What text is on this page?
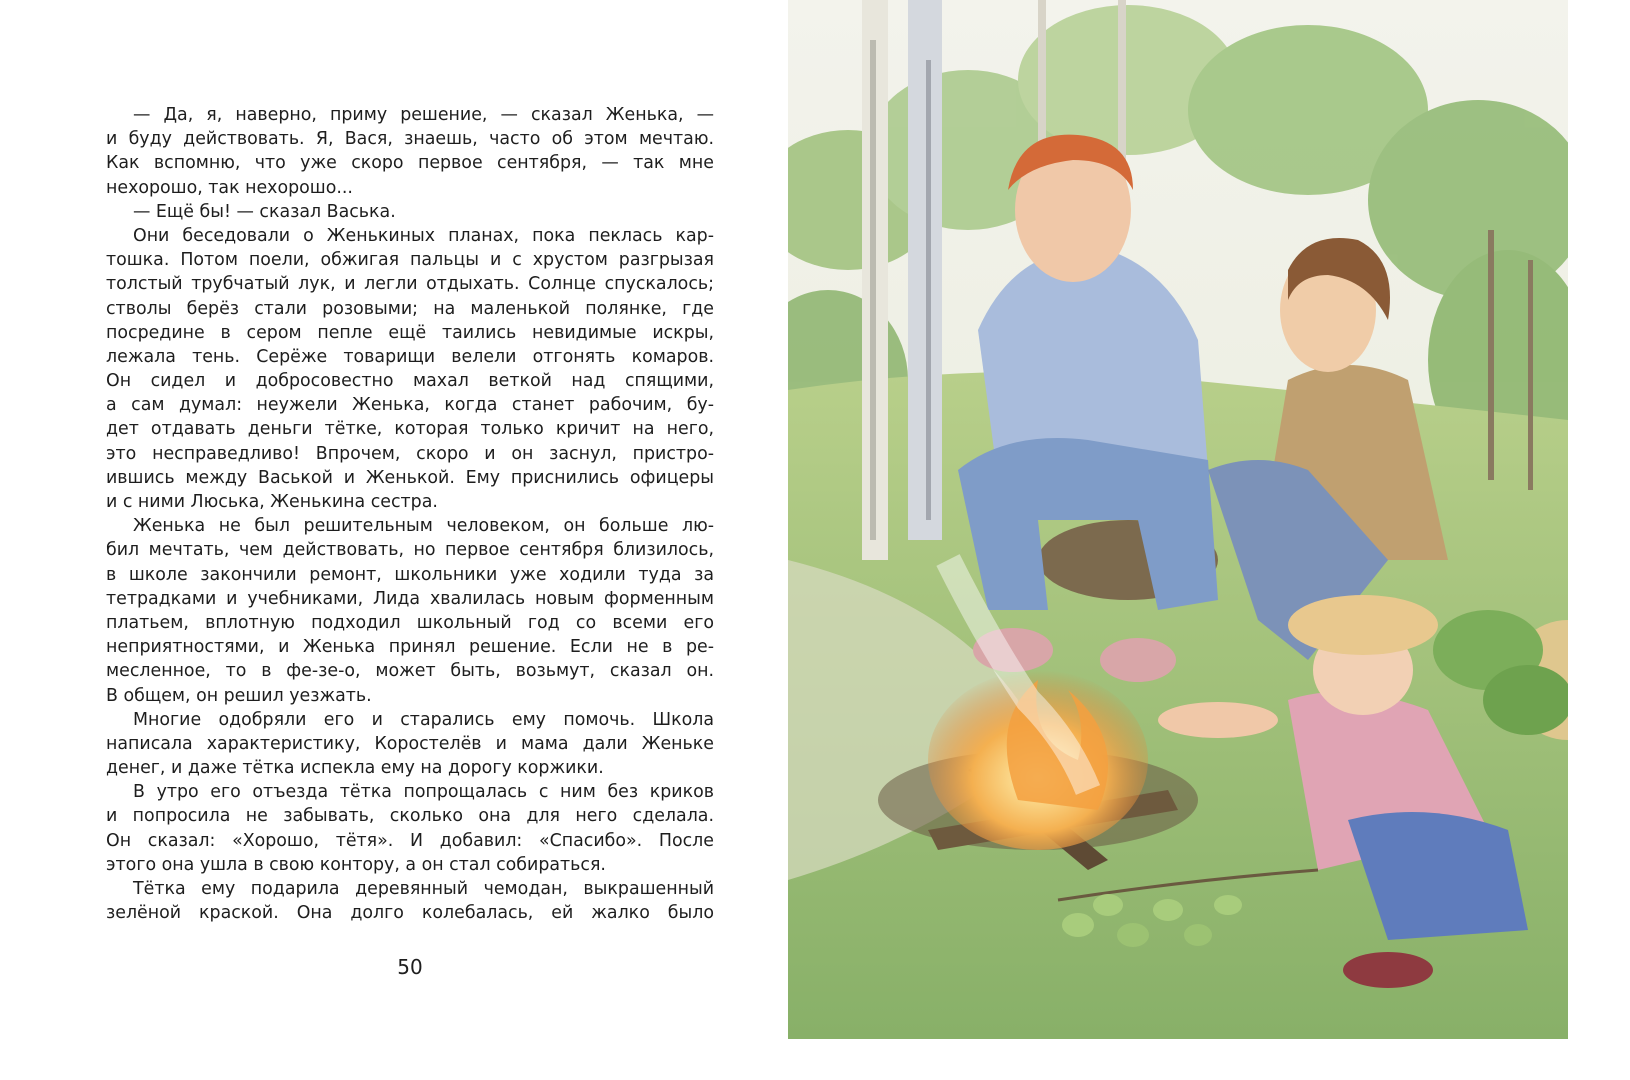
— Да, я, наверно, приму решение, — сказал Женька, —
и буду действовать. Я, Вася, знаешь, часто об этом мечтаю.
Как вспомню, что уже скоро первое сентября, — так мне
нехорошо, так нехорошо...
— Ещё бы! — сказал Васька.
Они беседовали о Женькиных планах, пока пеклась кар-
тошка. Потом поели, обжигая пальцы и с хрустом разгрызая
толстый трубчатый лук, и легли отдыхать. Солнце спускалось;
стволы берёз стали розовыми; на маленькой полянке, где
посредине в сером пепле ещё таились невидимые искры,
лежала тень. Серёже товарищи велели отгонять комаров.
Он сидел и добросовестно махал веткой над спящими,
а сам думал: неужели Женька, когда станет рабочим, бу-
дет отдавать деньги тётке, которая только кричит на него,
это несправедливо! Впрочем, скоро и он заснул, пристро-
ившись между Васькой и Женькой. Ему приснились офицеры
и с ними Люська, Женькина сестра.
Женька не был решительным человеком, он больше лю-
бил мечтать, чем действовать, но первое сентября близилось,
в школе закончили ремонт, школьники уже ходили туда за
тетрадками и учебниками, Лида хвалилась новым форменным
платьем, вплотную подходил школьный год со всеми его
неприятностями, и Женька принял решение. Если не в ре-
месленное, то в фе-зе-о, может быть, возьмут, сказал он.
В общем, он решил уезжать.
Многие одобряли его и старались ему помочь. Школа
написала характеристику, Коростелёв и мама дали Женьке
денег, и даже тётка испекла ему на дорогу коржики.
В утро его отъезда тётка попрощалась с ним без криков
и попросила не забывать, сколько она для него сделала.
Он сказал: «Хорошо, тётя». И добавил: «Спасибо». После
этого она ушла в свою контору, а он стал собираться.
Тётка ему подарила деревянный чемодан, выкрашенный
зелёной краской. Она долго колебалась, ей жалко было
50
